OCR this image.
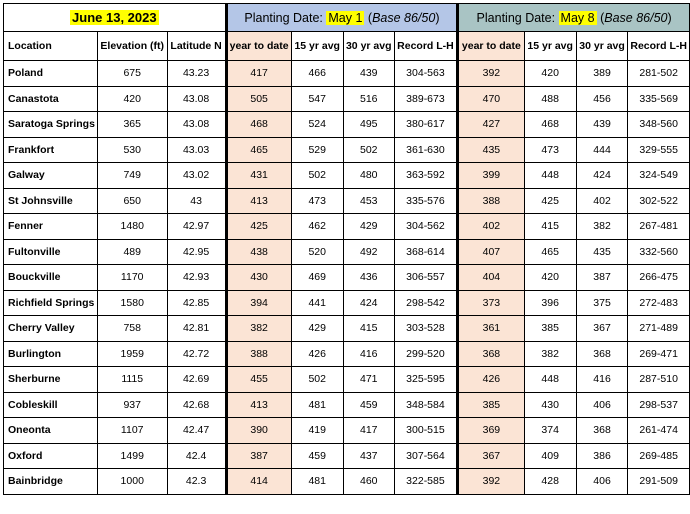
June 13, 2023			Planting Date: May 1 (Base 86/50)				Planting Date: May 8 (Base 86/50)			
Location	Elevation (ft)	Latitude N	year to date	15 yr avg	30 yr avg	Record L-H	year to date	15 yr avg	30 yr avg	Record L-H
Poland	675	43.23	417	466	439	304-563	392	420	389	281-502
Canastota	420	43.08	505	547	516	389-673	470	488	456	335-569
Saratoga Springs	365	43.08	468	524	495	380-617	427	468	439	348-560
Frankfort	530	43.03	465	529	502	361-630	435	473	444	329-555
Galway	749	43.02	431	502	480	363-592	399	448	424	324-549
St Johnsville	650	43	413	473	453	335-576	388	425	402	302-522
Fenner	1480	42.97	425	462	429	304-562	402	415	382	267-481
Fultonville	489	42.95	438	520	492	368-614	407	465	435	332-560
Bouckville	1170	42.93	430	469	436	306-557	404	420	387	266-475
Richfield Springs	1580	42.85	394	441	424	298-542	373	396	375	272-483
Cherry Valley	758	42.81	382	429	415	303-528	361	385	367	271-489
Burlington	1959	42.72	388	426	416	299-520	368	382	368	269-471
Sherburne	1115	42.69	455	502	471	325-595	426	448	416	287-510
Cobleskill	937	42.68	413	481	459	348-584	385	430	406	298-537
Oneonta	1107	42.47	390	419	417	300-515	369	374	368	261-474
Oxford	1499	42.4	387	459	437	307-564	367	409	386	269-485
Bainbridge	1000	42.3	414	481	460	322-585	392	428	406	291-509
